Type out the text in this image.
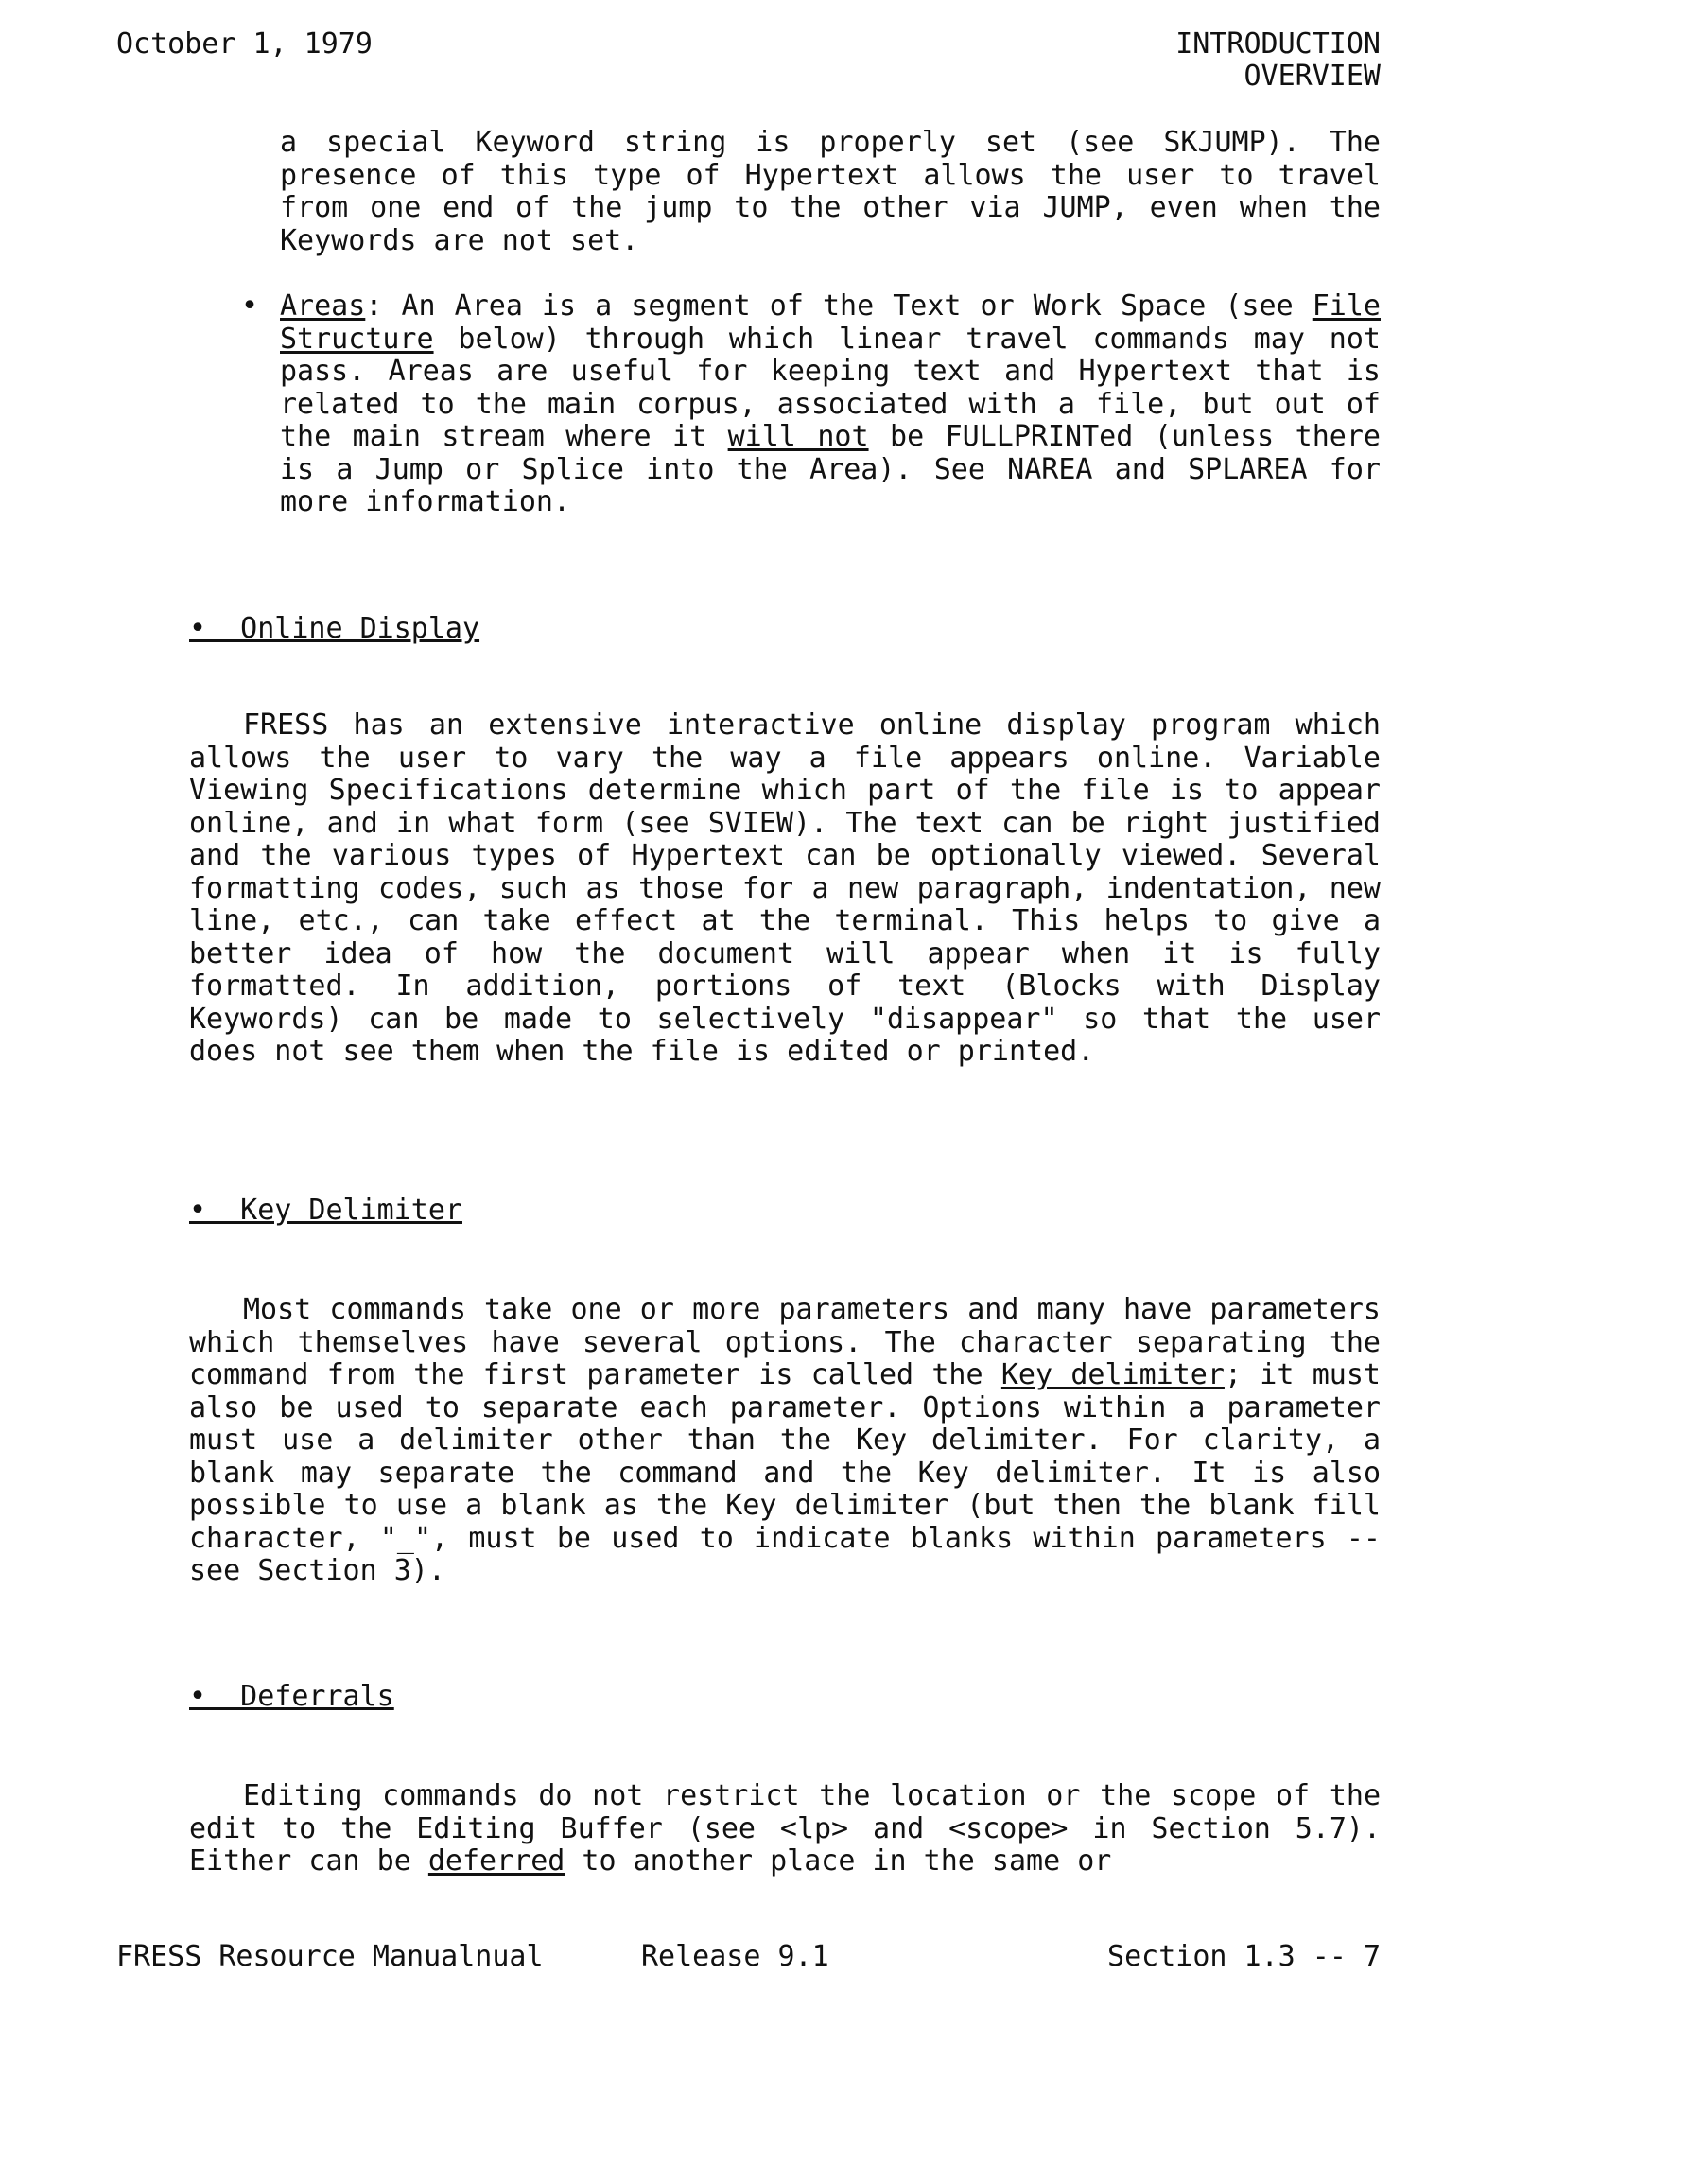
October 1, 1979	INTRODUCTION
OVERVIEW
a special Keyword string is properly set (see SKJUMP). The presence of this type of Hypertext allows the user to travel from one end of the jump to the other via JUMP, even when the Keywords are not set.
• Areas: An Area is a segment of the Text or Work Space (see File Structure below) through which linear travel commands may not pass. Areas are useful for keeping text and Hypertext that is related to the main corpus, associated with a file, but out of the main stream where it will not be FULLPRINTed (unless there is a Jump or Splice into the Area). See NAREA and SPLAREA for more information.
•  Online Display
FRESS has an extensive interactive online display program which allows the user to vary the way a file appears online. Variable Viewing Specifications determine which part of the file is to appear online, and in what form (see SVIEW). The text can be right justified and the various types of Hypertext can be optionally viewed. Several formatting codes, such as those for a new paragraph, indentation, new line, etc., can take effect at the terminal. This helps to give a better idea of how the document will appear when it is fully formatted. In addition, portions of text (Blocks with Display Keywords) can be made to selectively "disappear" so that the user does not see them when the file is edited or printed.
•  Key Delimiter
Most commands take one or more parameters and many have parameters which themselves have several options. The character separating the command from the first parameter is called the Key delimiter; it must also be used to separate each parameter. Options within a parameter must use a delimiter other than the Key delimiter. For clarity, a blank may separate the command and the Key delimiter. It is also possible to use a blank as the Key delimiter (but then the blank fill character, "_", must be used to indicate blanks within parameters -- see Section 3).
•  Deferrals
Editing commands do not restrict the location or the scope of the edit to the Editing Buffer (see <lp> and <scope> in Section 5.7). Either can be deferred to another place in the same or

FRESS Resource Manualnual

	Release 9.1

	Section 1.3 -- 7
